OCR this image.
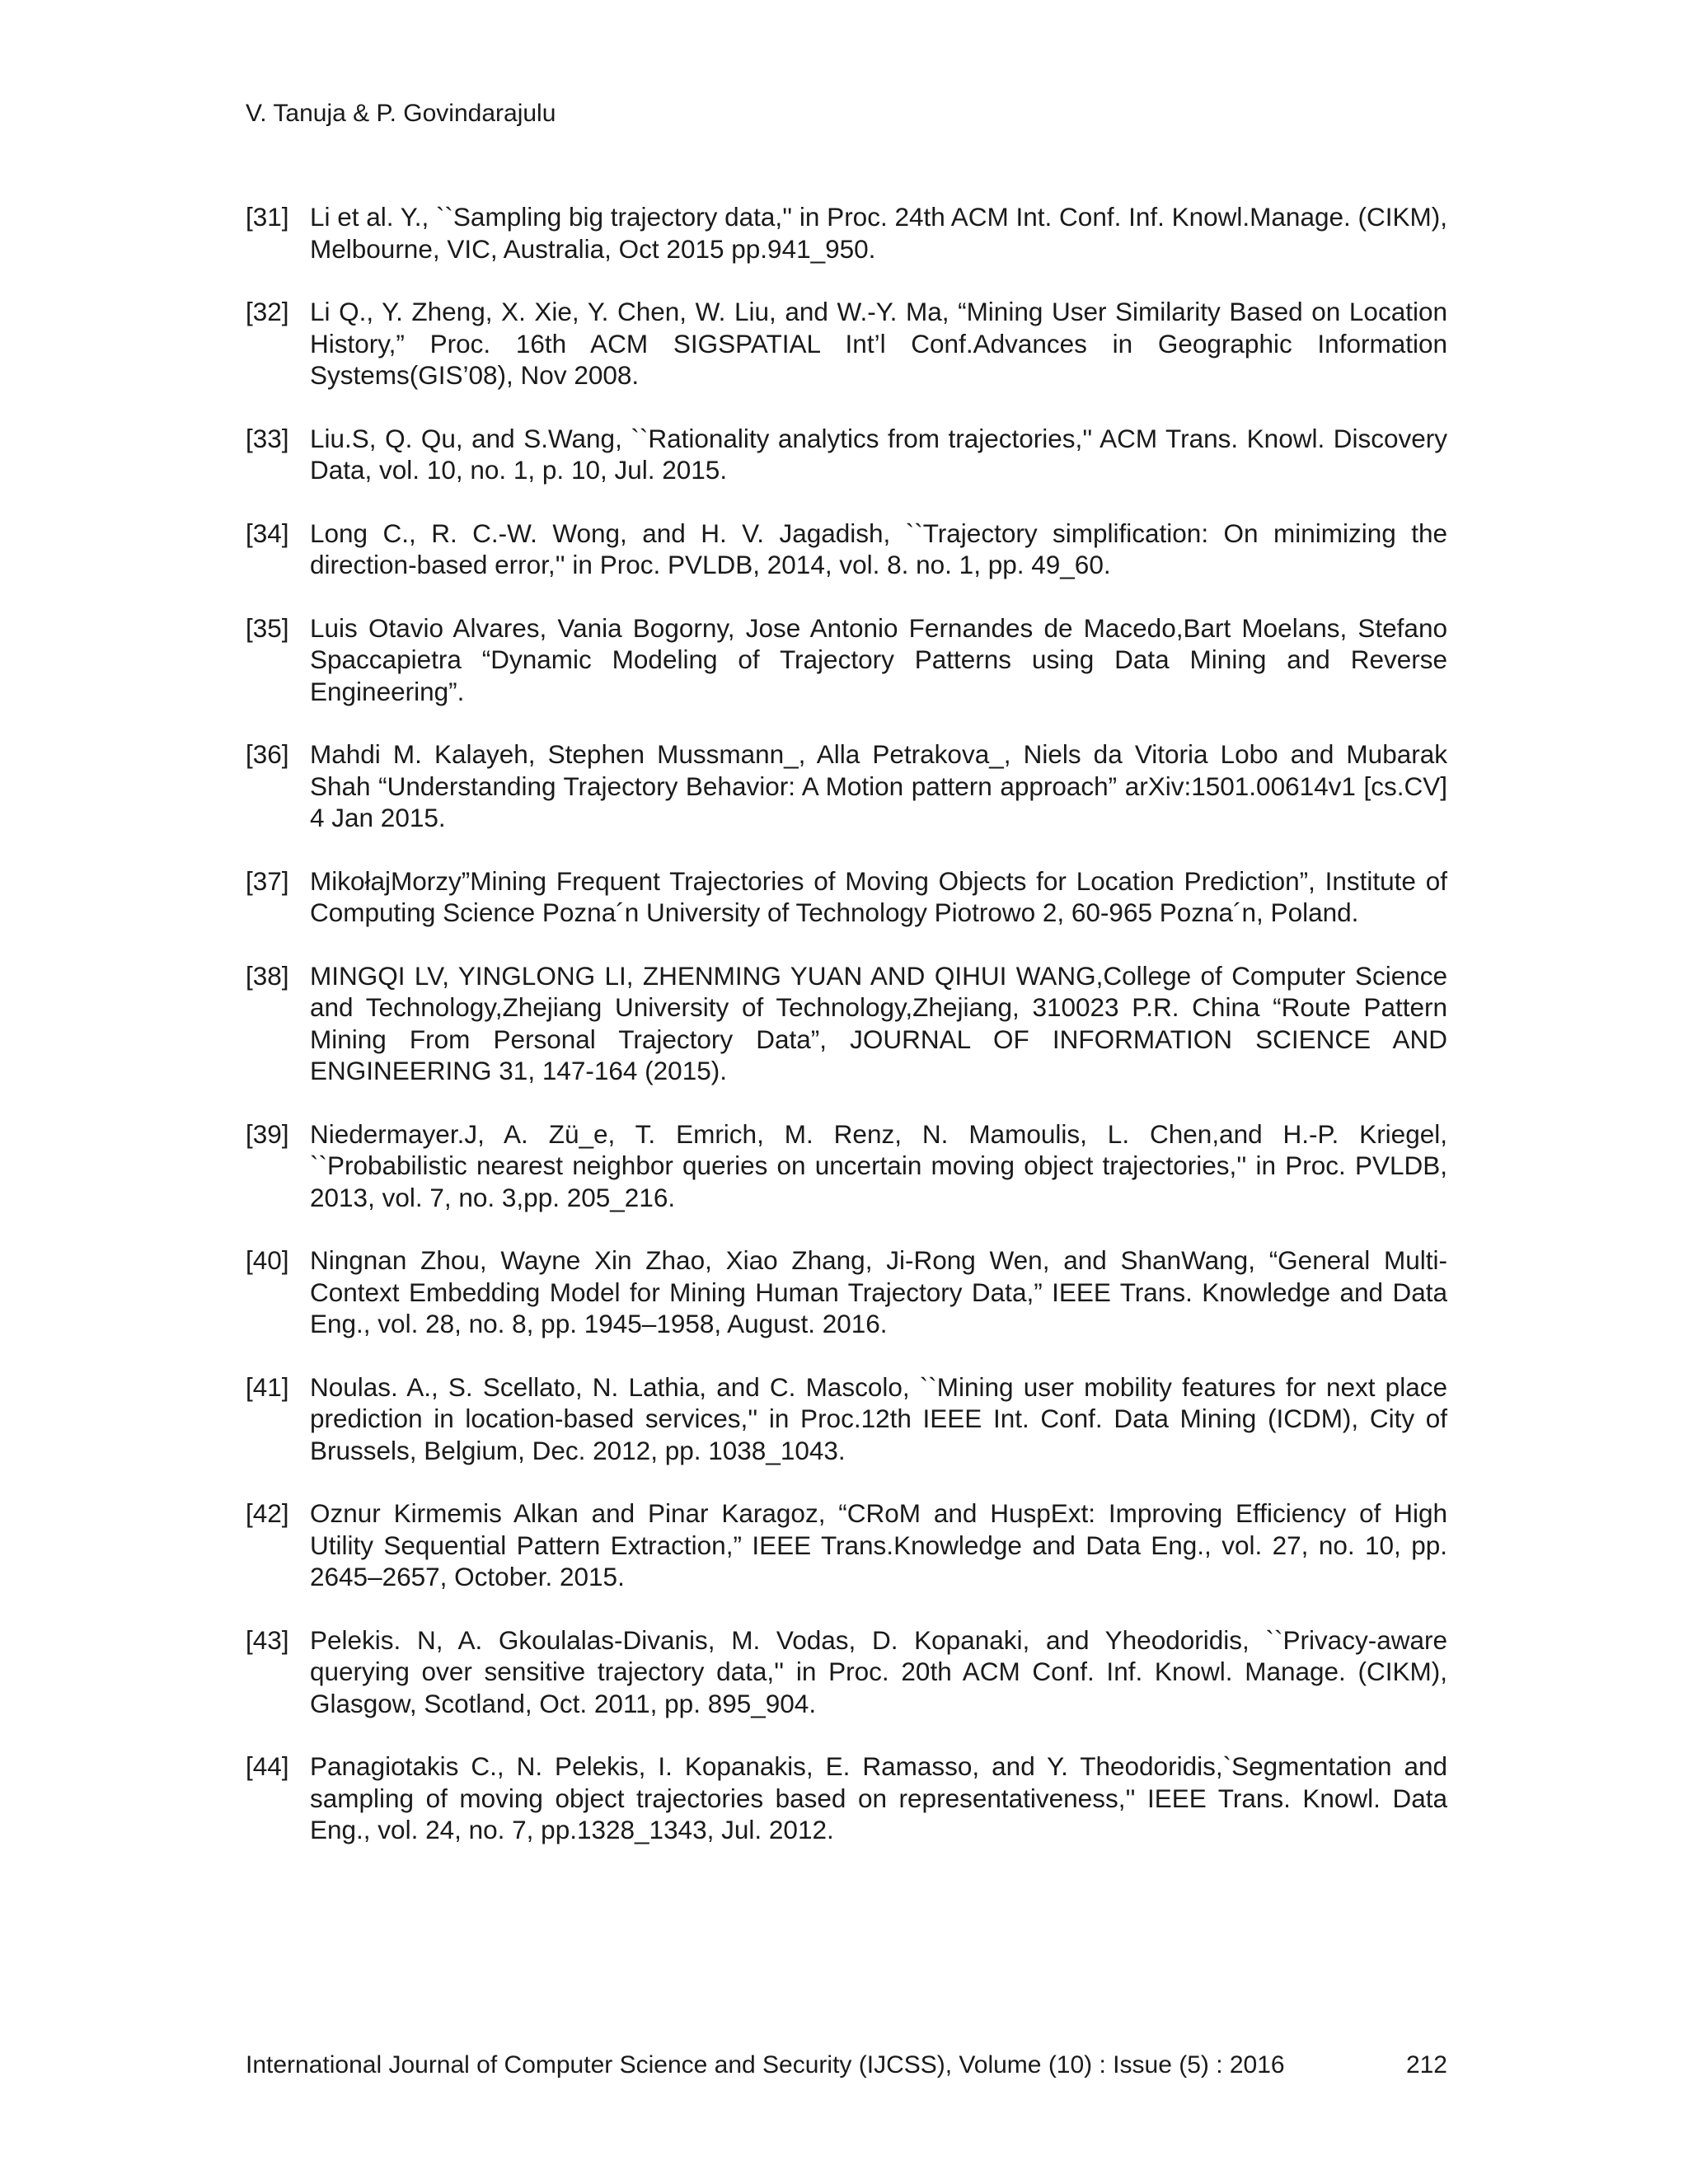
V. Tanuja & P. Govindarajulu
[31] Li et al. Y., ``Sampling big trajectory data,'' in Proc. 24th ACM Int. Conf. Inf. Knowl.Manage. (CIKM), Melbourne, VIC, Australia, Oct 2015 pp.941_950.
[32] Li Q., Y. Zheng, X. Xie, Y. Chen, W. Liu, and W.-Y. Ma, “Mining User Similarity Based on Location History,” Proc. 16th ACM SIGSPATIAL Int’l Conf.Advances in Geographic Information Systems(GIS’08), Nov 2008.
[33] Liu.S, Q. Qu, and S.Wang, ``Rationality analytics from trajectories,'' ACM Trans. Knowl. Discovery Data, vol. 10, no. 1, p. 10, Jul. 2015.
[34] Long C., R. C.-W. Wong, and H. V. Jagadish, ``Trajectory simplification: On minimizing the direction-based error,'' in Proc. PVLDB, 2014, vol. 8. no. 1, pp. 49_60.
[35] Luis Otavio Alvares, Vania Bogorny, Jose Antonio Fernandes de Macedo,Bart Moelans, Stefano Spaccapietra “Dynamic Modeling of Trajectory Patterns using Data Mining and Reverse Engineering”.
[36] Mahdi M. Kalayeh, Stephen Mussmann_, Alla Petrakova_, Niels da Vitoria Lobo and Mubarak Shah “Understanding Trajectory Behavior: A Motion pattern approach” arXiv:1501.00614v1 [cs.CV] 4 Jan 2015.
[37] MikołajMorzy”Mining Frequent Trajectories of Moving Objects for Location Prediction”, Institute of Computing Science Pozna´n University of Technology Piotrowo 2, 60-965 Pozna´n, Poland.
[38] MINGQI LV, YINGLONG LI, ZHENMING YUAN AND QIHUI WANG,College of Computer Science and Technology,Zhejiang University of Technology,Zhejiang, 310023 P.R. China “Route Pattern Mining From Personal Trajectory Data”, JOURNAL OF INFORMATION SCIENCE AND ENGINEERING 31, 147-164 (2015).
[39] Niedermayer.J, A. Zü_e, T. Emrich, M. Renz, N. Mamoulis, L. Chen,and H.-P. Kriegel, ``Probabilistic nearest neighbor queries on uncertain moving object trajectories,'' in Proc. PVLDB, 2013, vol. 7, no. 3,pp. 205_216.
[40] Ningnan Zhou, Wayne Xin Zhao, Xiao Zhang, Ji-Rong Wen, and ShanWang, “General Multi-Context Embedding Model for Mining Human Trajectory Data,” IEEE Trans. Knowledge and Data Eng., vol. 28, no. 8, pp. 1945–1958, August. 2016.
[41] Noulas. A., S. Scellato, N. Lathia, and C. Mascolo, ``Mining user mobility features for next place prediction in location-based services,'' in Proc.12th IEEE Int. Conf. Data Mining (ICDM), City of Brussels, Belgium, Dec. 2012, pp. 1038_1043.
[42] Oznur Kirmemis Alkan and Pinar Karagoz, “CRoM and HuspExt: Improving Efficiency of High Utility Sequential Pattern Extraction,” IEEE Trans.Knowledge and Data Eng., vol. 27, no. 10, pp. 2645–2657, October. 2015.
[43] Pelekis. N, A. Gkoulalas-Divanis, M. Vodas, D. Kopanaki, and Yheodoridis, ``Privacy-aware querying over sensitive trajectory data,'' in Proc. 20th ACM Conf. Inf. Knowl. Manage. (CIKM), Glasgow, Scotland, Oct. 2011, pp. 895_904.
[44] Panagiotakis C., N. Pelekis, I. Kopanakis, E. Ramasso, and Y. Theodoridis,`Segmentation and sampling of moving object trajectories based on representativeness,'' IEEE Trans. Knowl. Data Eng., vol. 24, no. 7, pp.1328_1343, Jul. 2012.
International Journal of Computer Science and Security (IJCSS), Volume (10) : Issue (5) : 2016	212
